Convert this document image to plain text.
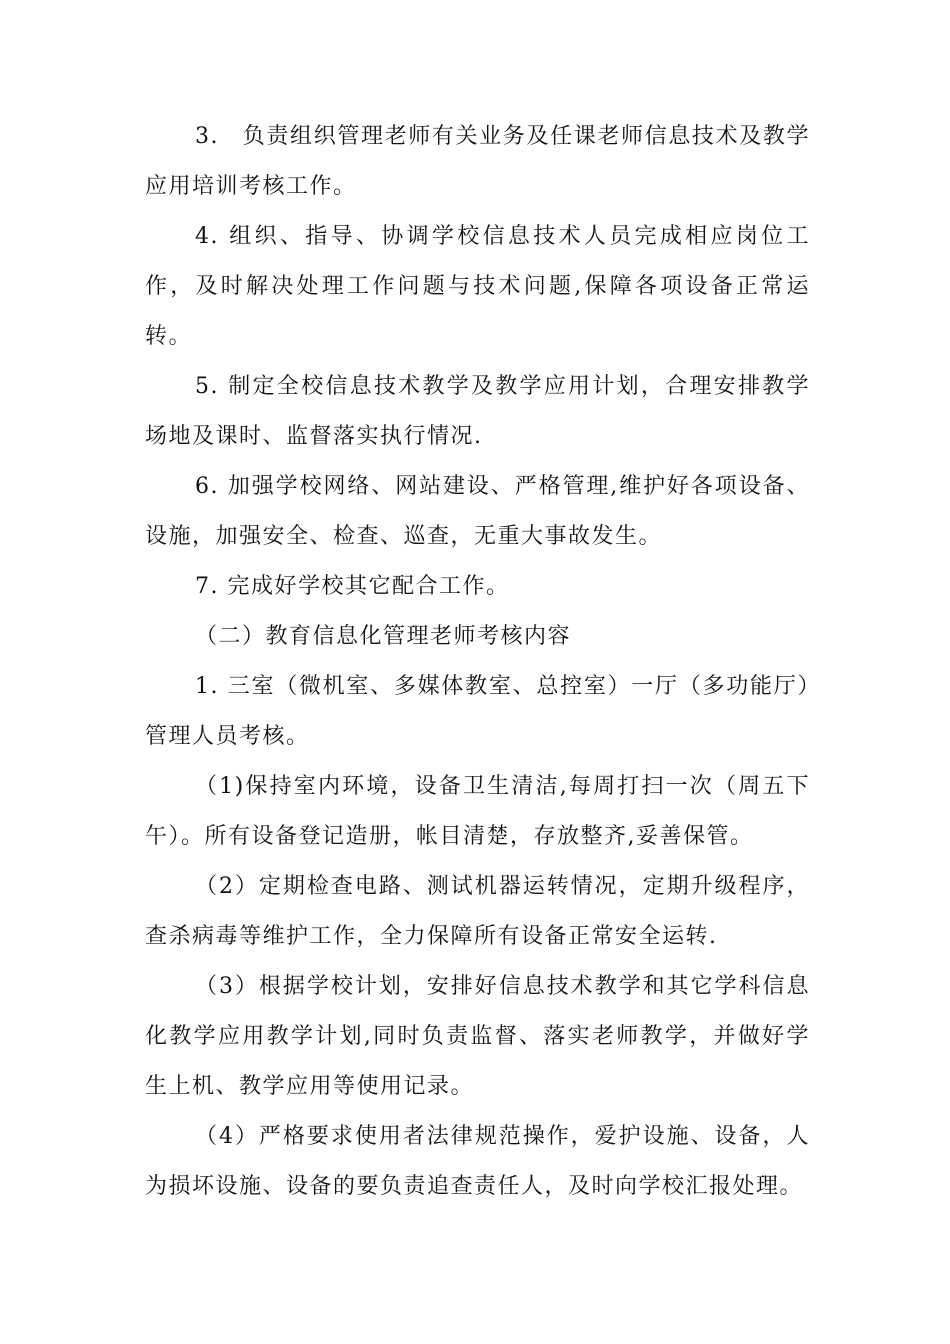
3.　负责组织管理老师有关业务及任课老师信息技术及教学应用培训考核工作。

4. 组织、指导、协调学校信息技术人员完成相应岗位工作，及时解决处理工作问题与技术问题,保障各项设备正常运转。

5. 制定全校信息技术教学及教学应用计划，合理安排教学场地及课时、监督落实执行情况.

6. 加强学校网络、网站建设、严格管理,维护好各项设备、设施，加强安全、检查、巡查，无重大事故发生。

7. 完成好学校其它配合工作。

（二）教育信息化管理老师考核内容

1. 三室（微机室、多媒体教室、总控室）一厅（多功能厅）管理人员考核。

（1)保持室内环境，设备卫生清洁,每周打扫一次（周五下午）。所有设备登记造册，帐目清楚，存放整齐,妥善保管。

（2）定期检查电路、测试机器运转情况，定期升级程序，查杀病毒等维护工作，全力保障所有设备正常安全运转.

（3）根据学校计划，安排好信息技术教学和其它学科信息化教学应用教学计划,同时负责监督、落实老师教学，并做好学生上机、教学应用等使用记录。

（4）严格要求使用者法律规范操作，爱护设施、设备，人为损坏设施、设备的要负责追查责任人，及时向学校汇报处理。
